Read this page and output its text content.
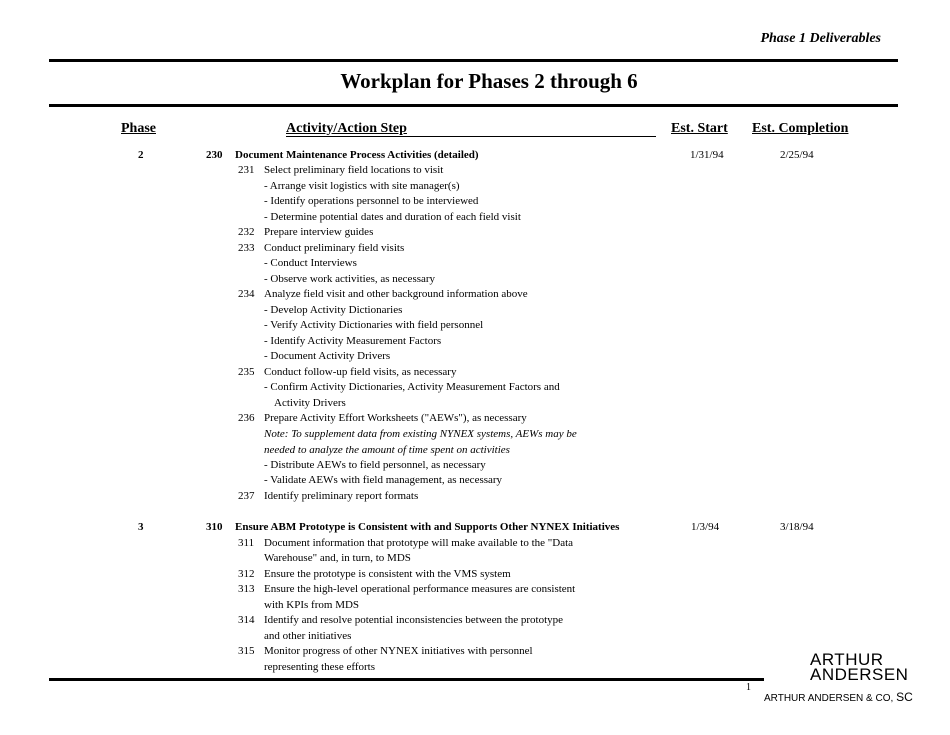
Phase 1 Deliverables
Workplan for Phases 2 through 6
Phase	Activity/Action Step	Est. Start Est. Completion
2	230 Document Maintenance Process Activities (detailed)	1/31/94	2/25/94
231 Select preliminary field locations to visit
- Arrange visit logistics with site manager(s)
- Identify operations personnel to be interviewed
- Determine potential dates and duration of each field visit
232 Prepare interview guides
233 Conduct preliminary field visits
- Conduct Interviews
- Observe work activities, as necessary
234 Analyze field visit and other background information above
- Develop Activity Dictionaries
- Verify Activity Dictionaries with field personnel
- Identify Activity Measurement Factors
- Document Activity Drivers
235 Conduct follow-up field visits, as necessary
- Confirm Activity Dictionaries, Activity Measurement Factors and
Activity Drivers
236 Prepare Activity Effort Worksheets ("AEWs"), as necessary
Note: To supplement data from existing NYNEX systems, AEWs may be
needed to analyze the amount of time spent on activities
- Distribute AEWs to field personnel, as necessary
- Validate AEWs with field management, as necessary
237 Identify preliminary report formats
3	310 Ensure ABM Prototype is Consistent with and Supports Other NYNEX Initiatives	1/3/94	3/18/94
311 Document information that prototype will make available to the "Data
Warehouse" and, in turn, to MDS
312 Ensure the prototype is consistent with the VMS system
313 Ensure the high-level operational performance measures are consistent
with KPIs from MDS
314 Identify and resolve potential inconsistencies between the prototype
and other initiatives
315 Monitor progress of other NYNEX initiatives with personnel
representing these efforts
1
ARTHUR
ANDERSEN
ARTHUR ANDERSEN & CO, SC
